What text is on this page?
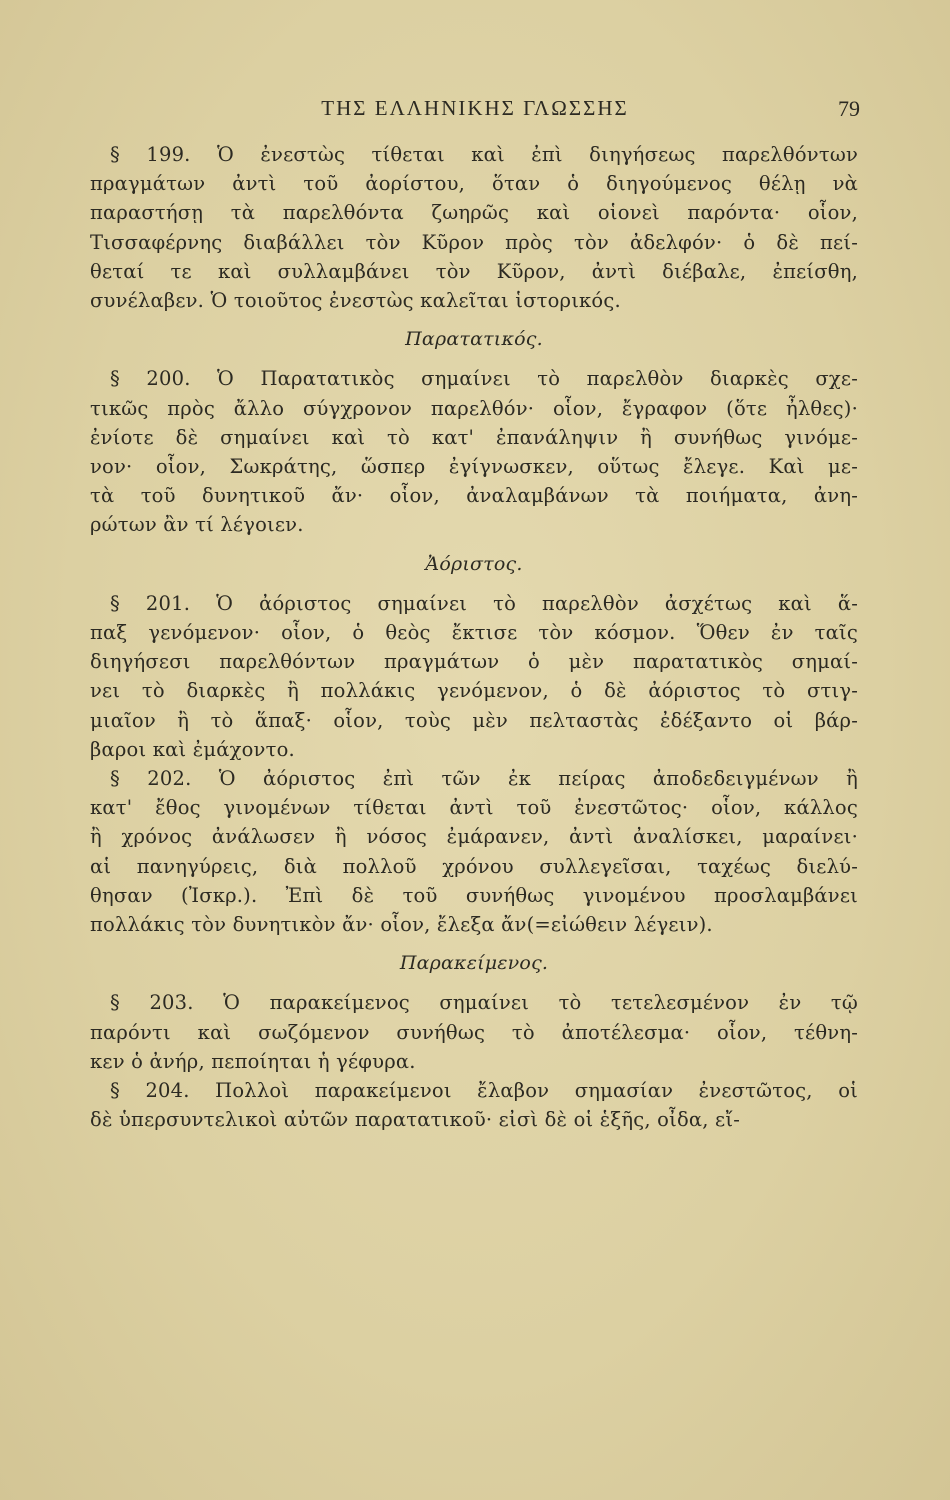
ΤΗΣ ΕΛΛΗΝΙΚΗΣ ΓΛΩΣΣΗΣ	79
§ 199. Ὁ ἐνεστὼς τίθεται καὶ ἐπὶ διηγήσεως παρελθόντων
πραγμάτων ἀντὶ τοῦ ἀορίστου, ὅταν ὁ διηγούμενος θέλῃ νὰ
παραστήσῃ τὰ παρελθόντα ζωηρῶς καὶ οἱονεὶ παρόντα· οἷον,
Τισσαφέρνης διαβάλλει τὸν Κῦρον πρὸς τὸν ἀδελφόν· ὁ δὲ πεί-
θεταί τε καὶ συλλαμβάνει τὸν Κῦρον, ἀντὶ διέβαλε, ἐπείσθη,
συνέλαβεν. Ὁ τοιοῦτος ἐνεστὼς καλεῖται ἱστορικός.
Παρατατικός.
§ 200. Ὁ Παρατατικὸς σημαίνει τὸ παρελθὸν διαρκὲς σχε-
τικῶς πρὸς ἄλλο σύγχρονον παρελθόν· οἷον, ἔγραφον (ὅτε ἦλθες)·
ἐνίοτε δὲ σημαίνει καὶ τὸ κατ' ἐπανάληψιν ἢ συνήθως γινόμε-
νον· οἷον, Σωκράτης, ὥσπερ ἐγίγνωσκεν, οὕτως ἔλεγε. Καὶ με-
τὰ τοῦ δυνητικοῦ ἄν· οἷον, ἀναλαμβάνων τὰ ποιήματα, ἀνη-
ρώτων ἂν τί λέγοιεν.
Ἀόριστος.
§ 201. Ὁ ἀόριστος σημαίνει τὸ παρελθὸν ἀσχέτως καὶ ἅ-
παξ γενόμενον· οἷον, ὁ θεὸς ἔκτισε τὸν κόσμον. Ὅθεν ἐν ταῖς
διηγήσεσι παρελθόντων πραγμάτων ὁ μὲν παρατατικὸς σημαί-
νει τὸ διαρκὲς ἢ πολλάκις γενόμενον, ὁ δὲ ἀόριστος τὸ στιγ-
μιαῖον ἢ τὸ ἅπαξ· οἷον, τοὺς μὲν πελταστὰς ἐδέξαντο οἱ βάρ-
βαροι καὶ ἐμάχοντο.
§ 202. Ὁ ἀόριστος ἐπὶ τῶν ἐκ πείρας ἀποδεδειγμένων ἢ
κατ' ἔθος γινομένων τίθεται ἀντὶ τοῦ ἐνεστῶτος· οἷον, κάλλος
ἢ χρόνος ἀνάλωσεν ἢ νόσος ἐμάρανεν, ἀντὶ ἀναλίσκει, μαραίνει·
αἱ πανηγύρεις, διὰ πολλοῦ χρόνου συλλεγεῖσαι, ταχέως διελύ-
θησαν (Ἰσκρ.). Ἐπὶ δὲ τοῦ συνήθως γινομένου προσλαμβάνει
πολλάκις τὸν δυνητικὸν ἄν· οἷον, ἔλεξα ἄν(=εἰώθειν λέγειν).
Παρακείμενος.
§ 203. Ὁ παρακείμενος σημαίνει τὸ τετελεσμένον ἐν τῷ
παρόντι καὶ σωζόμενον συνήθως τὸ ἀποτέλεσμα· οἷον, τέθνη-
κεν ὁ ἀνήρ, πεποίηται ἡ γέφυρα.
§ 204. Πολλοὶ παρακείμενοι ἔλαβον σημασίαν ἐνεστῶτος, οἱ
δὲ ὑπερσυντελικοὶ αὐτῶν παρατατικοῦ· εἰσὶ δὲ οἱ ἑξῆς, οἶδα, εἴ-
